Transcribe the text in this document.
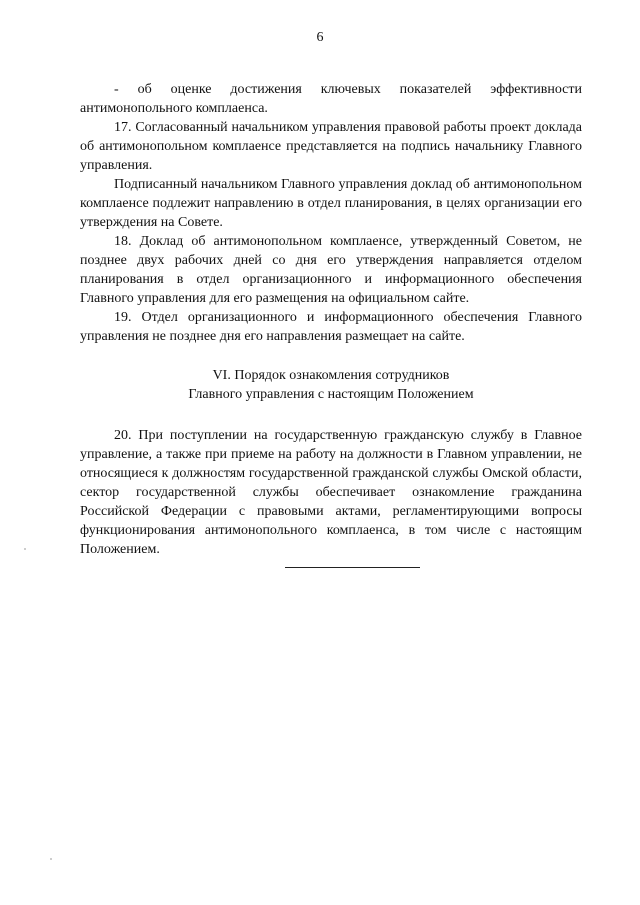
6

- об оценке достижения ключевых показателей эффективности антимонопольного комплаенса.

17. Согласованный начальником управления правовой работы проект доклада об антимонопольном комплаенсе представляется на подпись начальнику Главного управления.

Подписанный начальником Главного управления доклад об антимонопольном комплаенсе подлежит направлению в отдел планирования, в целях организации его утверждения на Совете.

18. Доклад об антимонопольном комплаенсе, утвержденный Советом, не позднее двух рабочих дней со дня его утверждения направляется отделом планирования в отдел организационного и информационного обеспечения Главного управления для его размещения на официальном сайте.

19. Отдел организационного и информационного обеспечения Главного управления не позднее дня его направления размещает на сайте.

VI. Порядок ознакомления сотрудников
Главного управления с настоящим Положением

20. При поступлении на государственную гражданскую службу в Главное управление, а также при приеме на работу на должности в Главном управлении, не относящиеся к должностям государственной гражданской службы Омской области, сектор государственной службы обеспечивает ознакомление гражданина Российской Федерации с правовыми актами, регламентирующими вопросы функционирования антимонопольного комплаенса, в том числе с настоящим Положением.
